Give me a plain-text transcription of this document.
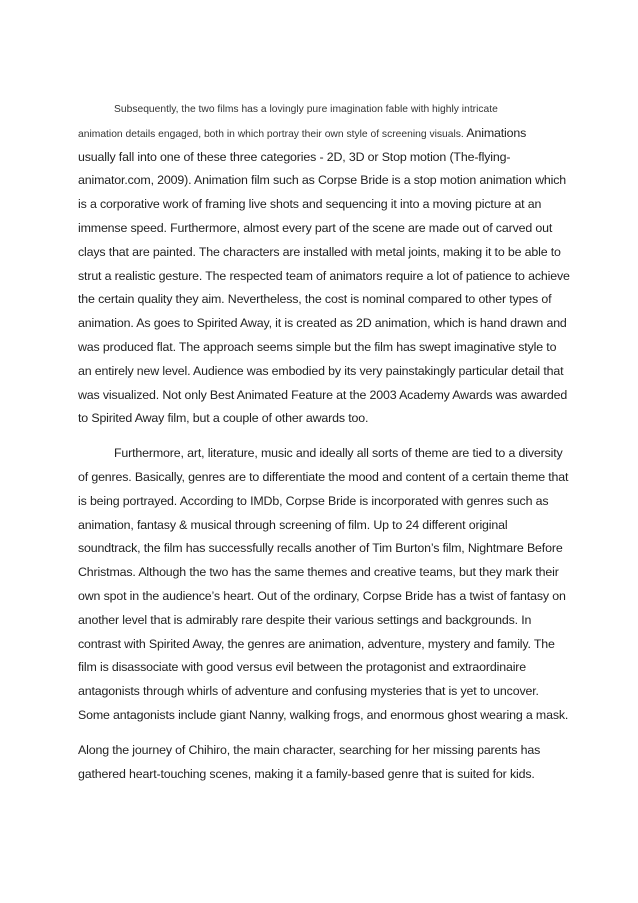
Subsequently, the two films has a lovingly pure imagination fable with highly intricate
animation details engaged, both in which portray their own style of screening visuals. Animations
usually fall into one of these three categories - 2D, 3D or Stop motion (The-flying-
animator.com, 2009). Animation film such as Corpse Bride is a stop motion animation which
is a corporative work of framing live shots and sequencing it into a moving picture at an
immense speed. Furthermore, almost every part of the scene are made out of carved out
clays that are painted. The characters are installed with metal joints, making it to be able to
strut a realistic gesture. The respected team of animators require a lot of patience to achieve
the certain quality they aim. Nevertheless, the cost is nominal compared to other types of
animation. As goes to Spirited Away, it is created as 2D animation, which is hand drawn and
was produced flat. The approach seems simple but the film has swept imaginative style to
an entirely new level. Audience was embodied by its very painstakingly particular detail that
was visualized. Not only Best Animated Feature at the 2003 Academy Awards was awarded
to Spirited Away film, but a couple of other awards too.
Furthermore, art, literature, music and ideally all sorts of theme are tied to a diversity
of genres. Basically, genres are to differentiate the mood and content of a certain theme that
is being portrayed. According to IMDb, Corpse Bride is incorporated with genres such as
animation, fantasy & musical through screening of film. Up to 24 different original
soundtrack, the film has successfully recalls another of Tim Burton’s film, Nightmare Before
Christmas. Although the two has the same themes and creative teams, but they mark their
own spot in the audience’s heart. Out of the ordinary, Corpse Bride has a twist of fantasy on
another level that is admirably rare despite their various settings and backgrounds. In
contrast with Spirited Away, the genres are animation, adventure, mystery and family. The
film is disassociate with good versus evil between the protagonist and extraordinaire
antagonists through whirls of adventure and confusing mysteries that is yet to uncover.
Some antagonists include giant Nanny, walking frogs, and enormous ghost wearing a mask.
Along the journey of Chihiro, the main character, searching for her missing parents has
gathered heart-touching scenes, making it a family-based genre that is suited for kids.
